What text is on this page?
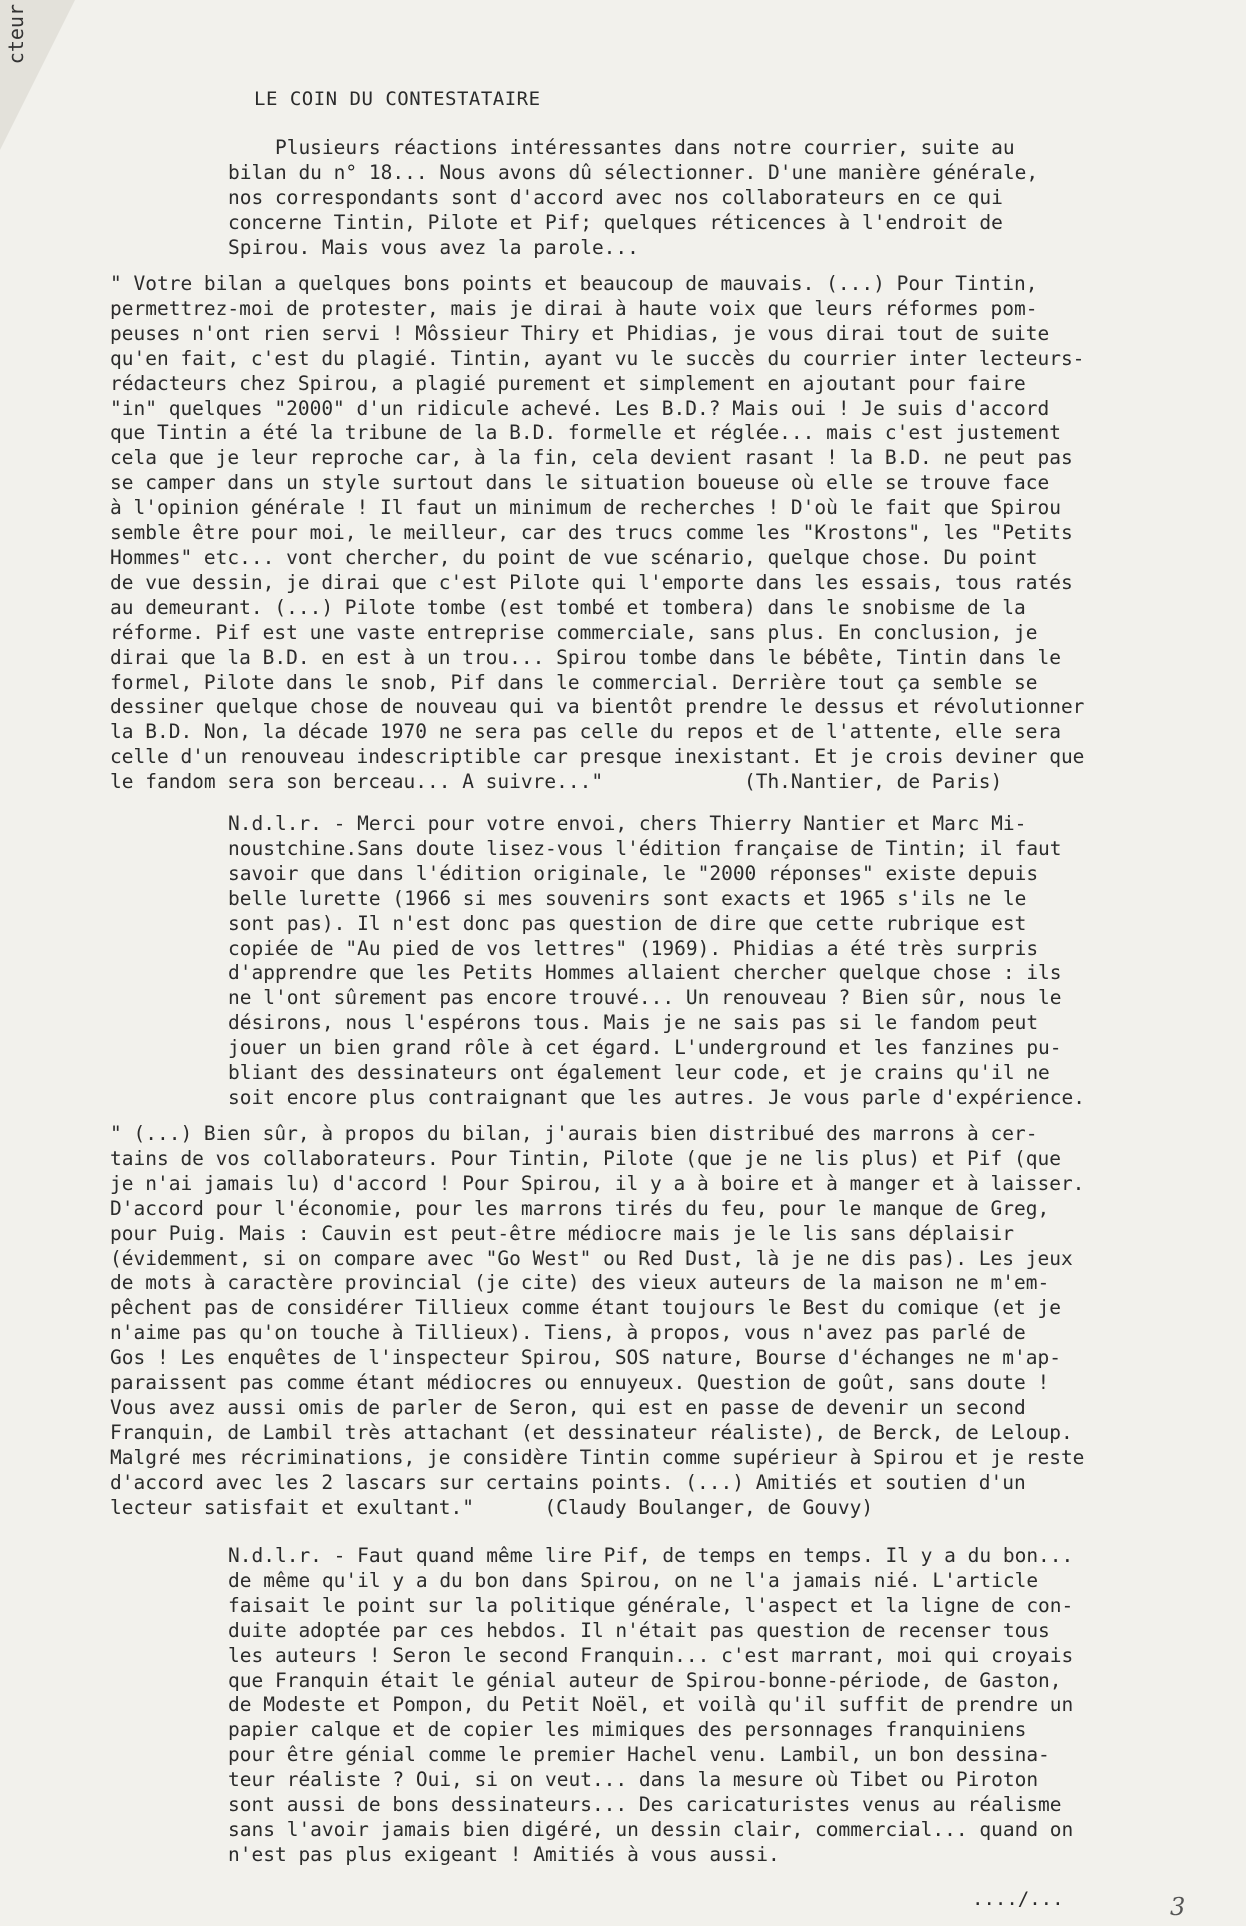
cteur
LE COIN DU CONTESTATAIRE

Plusieurs réactions intéressantes dans notre courrier, suite au
bilan du n° 18... Nous avons dû sélectionner. D'une manière générale,
nos correspondants sont d'accord avec nos collaborateurs en ce qui
concerne Tintin, Pilote et Pif; quelques réticences à l'endroit de
Spirou. Mais vous avez la parole...

" Votre bilan a quelques bons points et beaucoup de mauvais. (...) Pour Tintin,
permettrez-moi de protester, mais je dirai à haute voix que leurs réformes pom-
peuses n'ont rien servi ! Môssieur Thiry et Phidias, je vous dirai tout de suite
qu'en fait, c'est du plagié. Tintin, ayant vu le succès du courrier inter lecteurs-
rédacteurs chez Spirou, a plagié purement et simplement en ajoutant pour faire
"in" quelques "2000" d'un ridicule achevé. Les B.D.? Mais oui ! Je suis d'accord
que Tintin a été la tribune de la B.D. formelle et réglée... mais c'est justement
cela que je leur reproche car, à la fin, cela devient rasant ! la B.D. ne peut pas
se camper dans un style surtout dans le situation boueuse où elle se trouve face
à l'opinion générale ! Il faut un minimum de recherches ! D'où le fait que Spirou
semble être pour moi, le meilleur, car des trucs comme les "Krostons", les "Petits
Hommes" etc... vont chercher, du point de vue scénario, quelque chose. Du point
de vue dessin, je dirai que c'est Pilote qui l'emporte dans les essais, tous ratés
au demeurant. (...) Pilote tombe (est tombé et tombera) dans le snobisme de la
réforme. Pif est une vaste entreprise commerciale, sans plus. En conclusion, je
dirai que la B.D. en est à un trou... Spirou tombe dans le bébête, Tintin dans le
formel, Pilote dans le snob, Pif dans le commercial. Derrière tout ça semble se
dessiner quelque chose de nouveau qui va bientôt prendre le dessus et révolutionner
la B.D. Non, la décade 1970 ne sera pas celle du repos et de l'attente, elle sera
celle d'un renouveau indescriptible car presque inexistant. Et je crois deviner que
le fandom sera son berceau... A suivre..."            (Th.Nantier, de Paris)

N.d.l.r. - Merci pour votre envoi, chers Thierry Nantier et Marc Mi-
noustchine.Sans doute lisez-vous l'édition française de Tintin; il faut
savoir que dans l'édition originale, le "2000 réponses" existe depuis
belle lurette (1966 si mes souvenirs sont exacts et 1965 s'ils ne le
sont pas). Il n'est donc pas question de dire que cette rubrique est
copiée de "Au pied de vos lettres" (1969). Phidias a été très surpris
d'apprendre que les Petits Hommes allaient chercher quelque chose : ils
ne l'ont sûrement pas encore trouvé... Un renouveau ? Bien sûr, nous le
désirons, nous l'espérons tous. Mais je ne sais pas si le fandom peut
jouer un bien grand rôle à cet égard. L'underground et les fanzines pu-
bliant des dessinateurs ont également leur code, et je crains qu'il ne
soit encore plus contraignant que les autres. Je vous parle d'expérience.

" (...) Bien sûr, à propos du bilan, j'aurais bien distribué des marrons à cer-
tains de vos collaborateurs. Pour Tintin, Pilote (que je ne lis plus) et Pif (que
je n'ai jamais lu) d'accord ! Pour Spirou, il y a à boire et à manger et à laisser.
D'accord pour l'économie, pour les marrons tirés du feu, pour le manque de Greg,
pour Puig. Mais : Cauvin est peut-être médiocre mais je le lis sans déplaisir
(évidemment, si on compare avec "Go West" ou Red Dust, là je ne dis pas). Les jeux
de mots à caractère provincial (je cite) des vieux auteurs de la maison ne m'em-
pêchent pas de considérer Tillieux comme étant toujours le Best du comique (et je
n'aime pas qu'on touche à Tillieux). Tiens, à propos, vous n'avez pas parlé de
Gos ! Les enquêtes de l'inspecteur Spirou, SOS nature, Bourse d'échanges ne m'ap-
paraissent pas comme étant médiocres ou ennuyeux. Question de goût, sans doute !
Vous avez aussi omis de parler de Seron, qui est en passe de devenir un second
Franquin, de Lambil très attachant (et dessinateur réaliste), de Berck, de Leloup.
Malgré mes récriminations, je considère Tintin comme supérieur à Spirou et je reste
d'accord avec les 2 lascars sur certains points. (...) Amitiés et soutien d'un
lecteur satisfait et exultant."      (Claudy Boulanger, de Gouvy)

N.d.l.r. - Faut quand même lire Pif, de temps en temps. Il y a du bon...
de même qu'il y a du bon dans Spirou, on ne l'a jamais nié. L'article
faisait le point sur la politique générale, l'aspect et la ligne de con-
duite adoptée par ces hebdos. Il n'était pas question de recenser tous
les auteurs ! Seron le second Franquin... c'est marrant, moi qui croyais
que Franquin était le génial auteur de Spirou-bonne-période, de Gaston,
de Modeste et Pompon, du Petit Noël, et voilà qu'il suffit de prendre un
papier calque et de copier les mimiques des personnages franquiniens
pour être génial comme le premier Hachel venu. Lambil, un bon dessina-
teur réaliste ? Oui, si on veut... dans la mesure où Tibet ou Piroton
sont aussi de bons dessinateurs... Des caricaturistes venus au réalisme
sans l'avoir jamais bien digéré, un dessin clair, commercial... quand on
n'est pas plus exigeant ! Amitiés à vous aussi.

..../...	3
